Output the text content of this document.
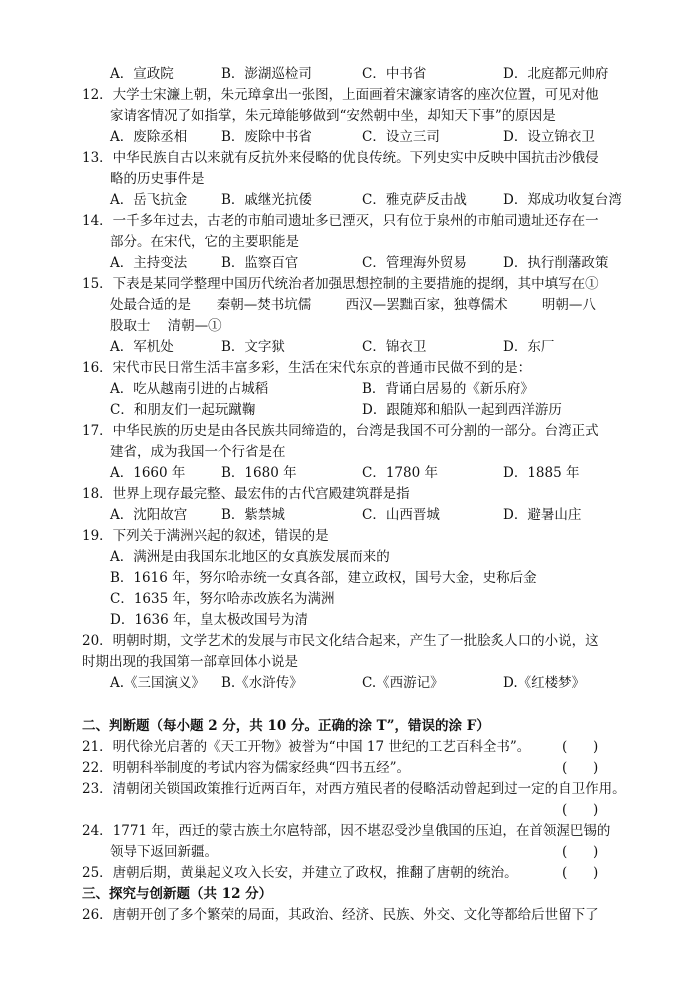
A．宣政院	B．澎湖巡检司	C．中书省	D．北庭都元帅府
12．大学士宋濂上朝，朱元璋拿出一张图，上面画着宋濂家请客的座次位置，可见对他
家请客情况了如指掌，朱元璋能够做到“安然朝中坐，却知天下事”的原因是
A．废除丞相	B．废除中书省	C．设立三司	D．设立锦衣卫
13．中华民族自古以来就有反抗外来侵略的优良传统。下列史实中反映中国抗击沙俄侵
略的历史事件是
A．岳飞抗金	B．戚继光抗倭	C．雅克萨反击战	D．郑成功收复台湾
14．一千多年过去，古老的市舶司遗址多已湮灭，只有位于泉州的市舶司遗址还存在一
部分。在宋代，它的主要职能是
A．主持变法	B．监察百官	C．管理海外贸易	D．执行削藩政策
15．下表是某同学整理中国历代统治者加强思想控制的主要措施的提纲，其中填写在①
处最合适的是      秦朝—焚书坑儒        西汉—罢黜百家，独尊儒术        明朝—八
股取士    清朝—①
A．军机处	B．文字狱	C．锦衣卫	D．东厂
16．宋代市民日常生活丰富多彩，生活在宋代东京的普通市民做不到的是：
A．吃从越南引进的占城稻	B．背诵白居易的《新乐府》
C．和朋友们一起玩蹴鞠	D．跟随郑和船队一起到西洋游历
17．中华民族的历史是由各民族共同缔造的，台湾是我国不可分割的一部分。台湾正式
建省，成为我国一个行省是在
A．1660 年	B．1680 年	C．1780 年	D．1885 年
18．世界上现存最完整、最宏伟的古代宫殿建筑群是指
A．沈阳故宫	B．紫禁城	C．山西晋城	D．避暑山庄
19．下列关于满洲兴起的叙述，错误的是
A．满洲是由我国东北地区的女真族发展而来的
B．1616 年，努尔哈赤统一女真各部，建立政权，国号大金，史称后金
C．1635 年，努尔哈赤改族名为满洲
D．1636 年，皇太极改国号为清
20．明朝时期，文学艺术的发展与市民文化结合起来，产生了一批脍炙人口的小说，这
时期出现的我国第一部章回体小说是
A.《三国演义》 B.《水浒传》	C.《西游记》	D.《红楼梦》
二、判断题（每小题 2 分，共 10 分。正确的涂 T”，错误的涂 F）
21．明代徐光启著的《天工开物》被誉为“中国 17 世纪的工艺百科全书”。 (      )
22．明朝科举制度的考试内容为儒家经典“四书五经”。	(      )
23．清朝闭关锁国政策推行近两百年，对西方殖民者的侵略活动曾起到过一定的自卫作用。
(      )
24．1771 年，西迁的蒙古族土尔扈特部，因不堪忍受沙皇俄国的压迫，在首领渥巴锡的
领导下返回新疆。	(      )
25．唐朝后期，黄巢起义攻入长安，并建立了政权，推翻了唐朝的统治。	(      )
三、探究与创新题（共 12 分）
26．唐朝开创了多个繁荣的局面，其政治、经济、民族、外交、文化等都给后世留下了
